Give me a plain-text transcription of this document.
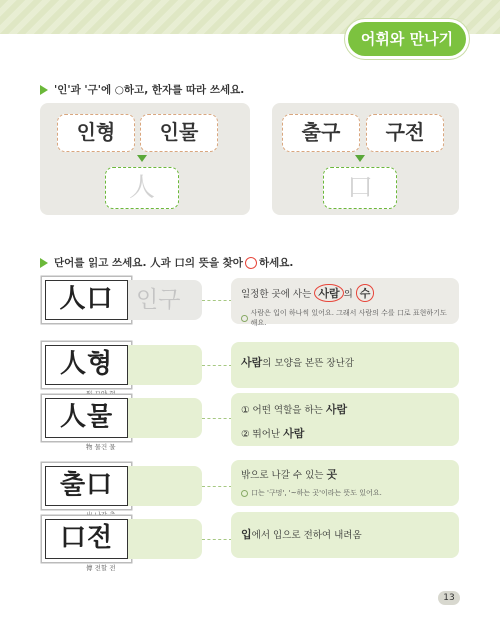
어휘와 만나기
'인'과 '구'에 ○하고, 한자를 따라 쓰세요.
인형	인물
人
출구	구전
口
단어를 읽고 쓰세요. 人과 口의 뜻을 찾아 하세요.
人口 인구	일정한 곳에 사는 사람 의 수
사람은 입이 하나씩 있어요. 그래서 사람의 수를 口로 표현하기도 해요.
人형
形 모양 형
사람의 모양을 본뜬 장난감
人물
物 물건 물
① 어떤 역할을 하는 사람
② 뛰어난 사람
출口
出 나갈 출
밖으로 나갈 수 있는 곳
口는 '구멍', '~하는 곳'이라는 뜻도 있어요.
口전
傳 전할 전
입에서 입으로 전하여 내려옴
13
